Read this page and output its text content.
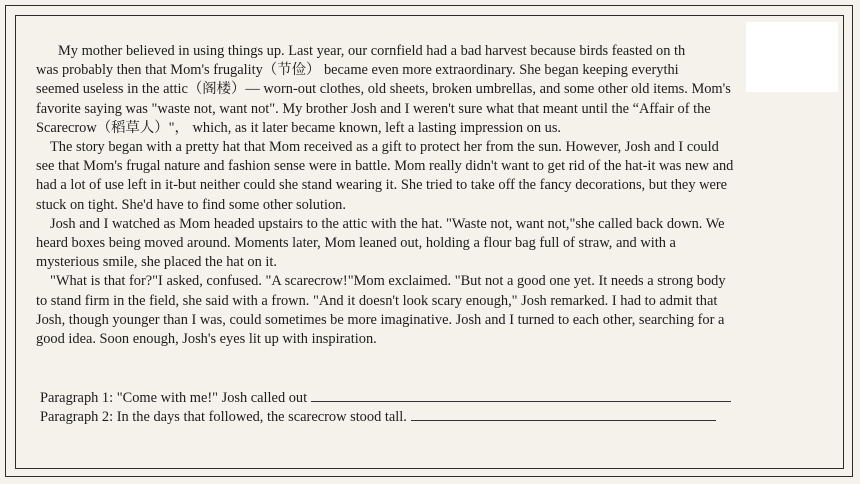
My mother believed in using things up. Last year, our cornfield had a bad harvest because birds feasted on th

was probably then that Mom's frugality（节俭） became even more extraordinary. She began keeping everythi

seemed useless in the attic（阁楼）— worn-out clothes, old sheets, broken umbrellas, and some other old items. Mom's

favorite saying was "waste not, want not". My brother Josh and I weren't sure what that meant until the “Affair of the

Scarecrow（稻草人）"， which, as it later became known, left a lasting impression on us.

The story began with a pretty hat that Mom received as a gift to protect her from the sun. However, Josh and I could

see that Mom's frugal nature and fashion sense were in battle. Mom really didn't want to get rid of the hat-it was new and

had a lot of use left in it-but neither could she stand wearing it. She tried to take off the fancy decorations, but they were

stuck on tight. She'd have to find some other solution.

Josh and I watched as Mom headed upstairs to the attic with the hat. "Waste not, want not,"she called back down. We

heard boxes being moved around. Moments later, Mom leaned out, holding a flour bag full of straw, and with a

mysterious smile, she placed the hat on it.

"What is that for?"I asked, confused. "A scarecrow!"Mom exclaimed. "But not a good one yet. It needs a strong body

to stand firm in the field, she said with a frown. "And it doesn't look scary enough," Josh remarked. I had to admit that

Josh, though younger than I was, could sometimes be more imaginative. Josh and I turned to each other, searching for a

good idea. Soon enough, Josh's eyes lit up with inspiration.

Paragraph 1: "Come with me!" Josh called out
Paragraph 2: In the days that followed, the scarecrow stood tall.
